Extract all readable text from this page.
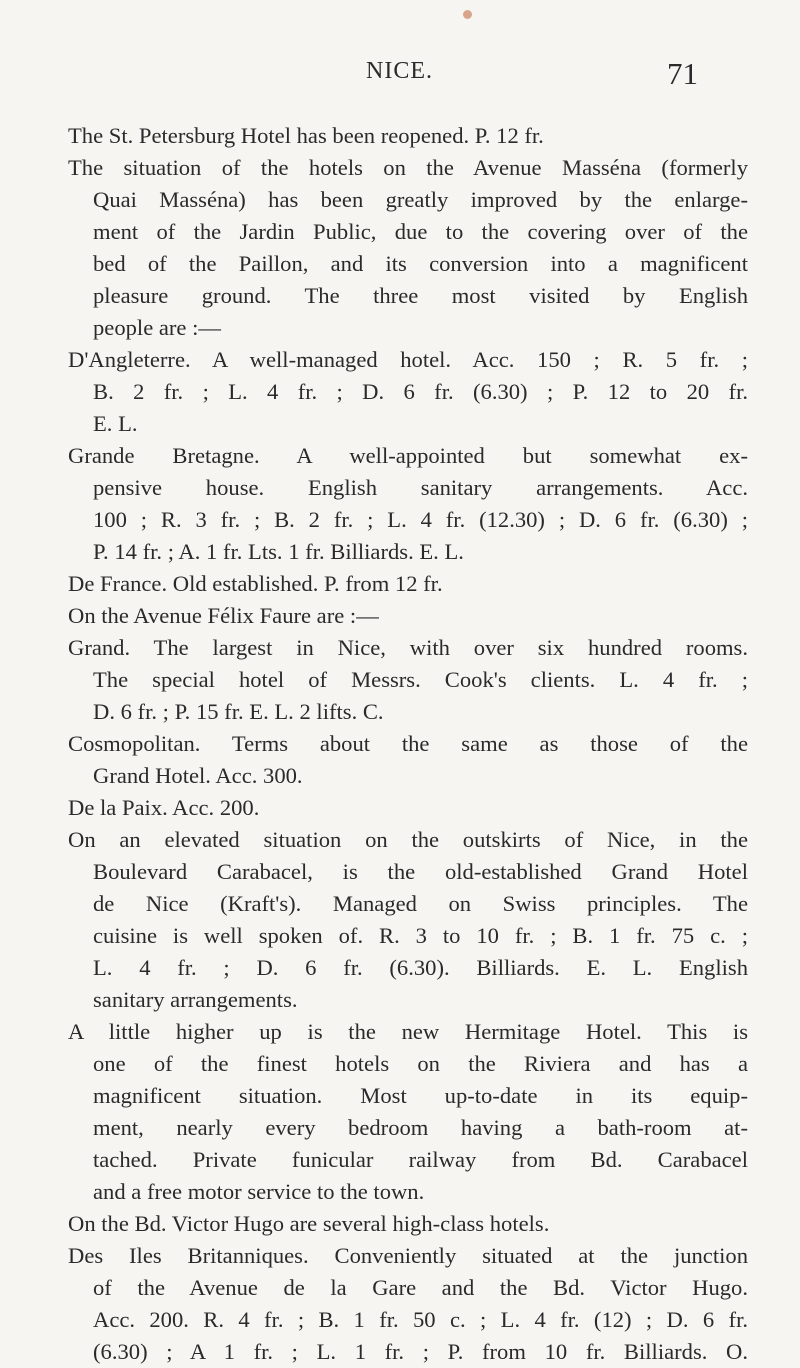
NICE.	71
The St. Petersburg Hotel has been reopened. P. 12 fr.
The situation of the hotels on the Avenue Masséna (formerly
Quai Masséna) has been greatly improved by the enlarge-
ment of the Jardin Public, due to the covering over of the
bed of the Paillon, and its conversion into a magnificent
pleasure ground. The three most visited by English
people are :—
D'Angleterre. A well-managed hotel. Acc. 150 ; R. 5 fr. ;
B. 2 fr. ; L. 4 fr. ; D. 6 fr. (6.30) ; P. 12 to 20 fr.
E. L.
Grande Bretagne. A well-appointed but somewhat ex-
pensive house. English sanitary arrangements. Acc.
100 ; R. 3 fr. ; B. 2 fr. ; L. 4 fr. (12.30) ; D. 6 fr. (6.30) ;
P. 14 fr. ; A. 1 fr. Lts. 1 fr. Billiards. E. L.
De France. Old established. P. from 12 fr.
On the Avenue Félix Faure are :—
Grand. The largest in Nice, with over six hundred rooms.
The special hotel of Messrs. Cook's clients. L. 4 fr. ;
D. 6 fr. ; P. 15 fr. E. L. 2 lifts. C.
Cosmopolitan. Terms about the same as those of the
Grand Hotel. Acc. 300.
De la Paix. Acc. 200.
On an elevated situation on the outskirts of Nice, in the
Boulevard Carabacel, is the old-established Grand Hotel
de Nice (Kraft's). Managed on Swiss principles. The
cuisine is well spoken of. R. 3 to 10 fr. ; B. 1 fr. 75 c. ;
L. 4 fr. ; D. 6 fr. (6.30). Billiards. E. L. English
sanitary arrangements.
A little higher up is the new Hermitage Hotel. This is
one of the finest hotels on the Riviera and has a
magnificent situation. Most up-to-date in its equip-
ment, nearly every bedroom having a bath-room at-
tached. Private funicular railway from Bd. Carabacel
and a free motor service to the town.
On the Bd. Victor Hugo are several high-class hotels.
Des Iles Britanniques. Conveniently situated at the junction
of the Avenue de la Gare and the Bd. Victor Hugo.
Acc. 200. R. 4 fr. ; B. 1 fr. 50 c. ; L. 4 fr. (12) ; D. 6 fr.
(6.30) ; A 1 fr. ; L. 1 fr. ; P. from 10 fr. Billiards. O.
